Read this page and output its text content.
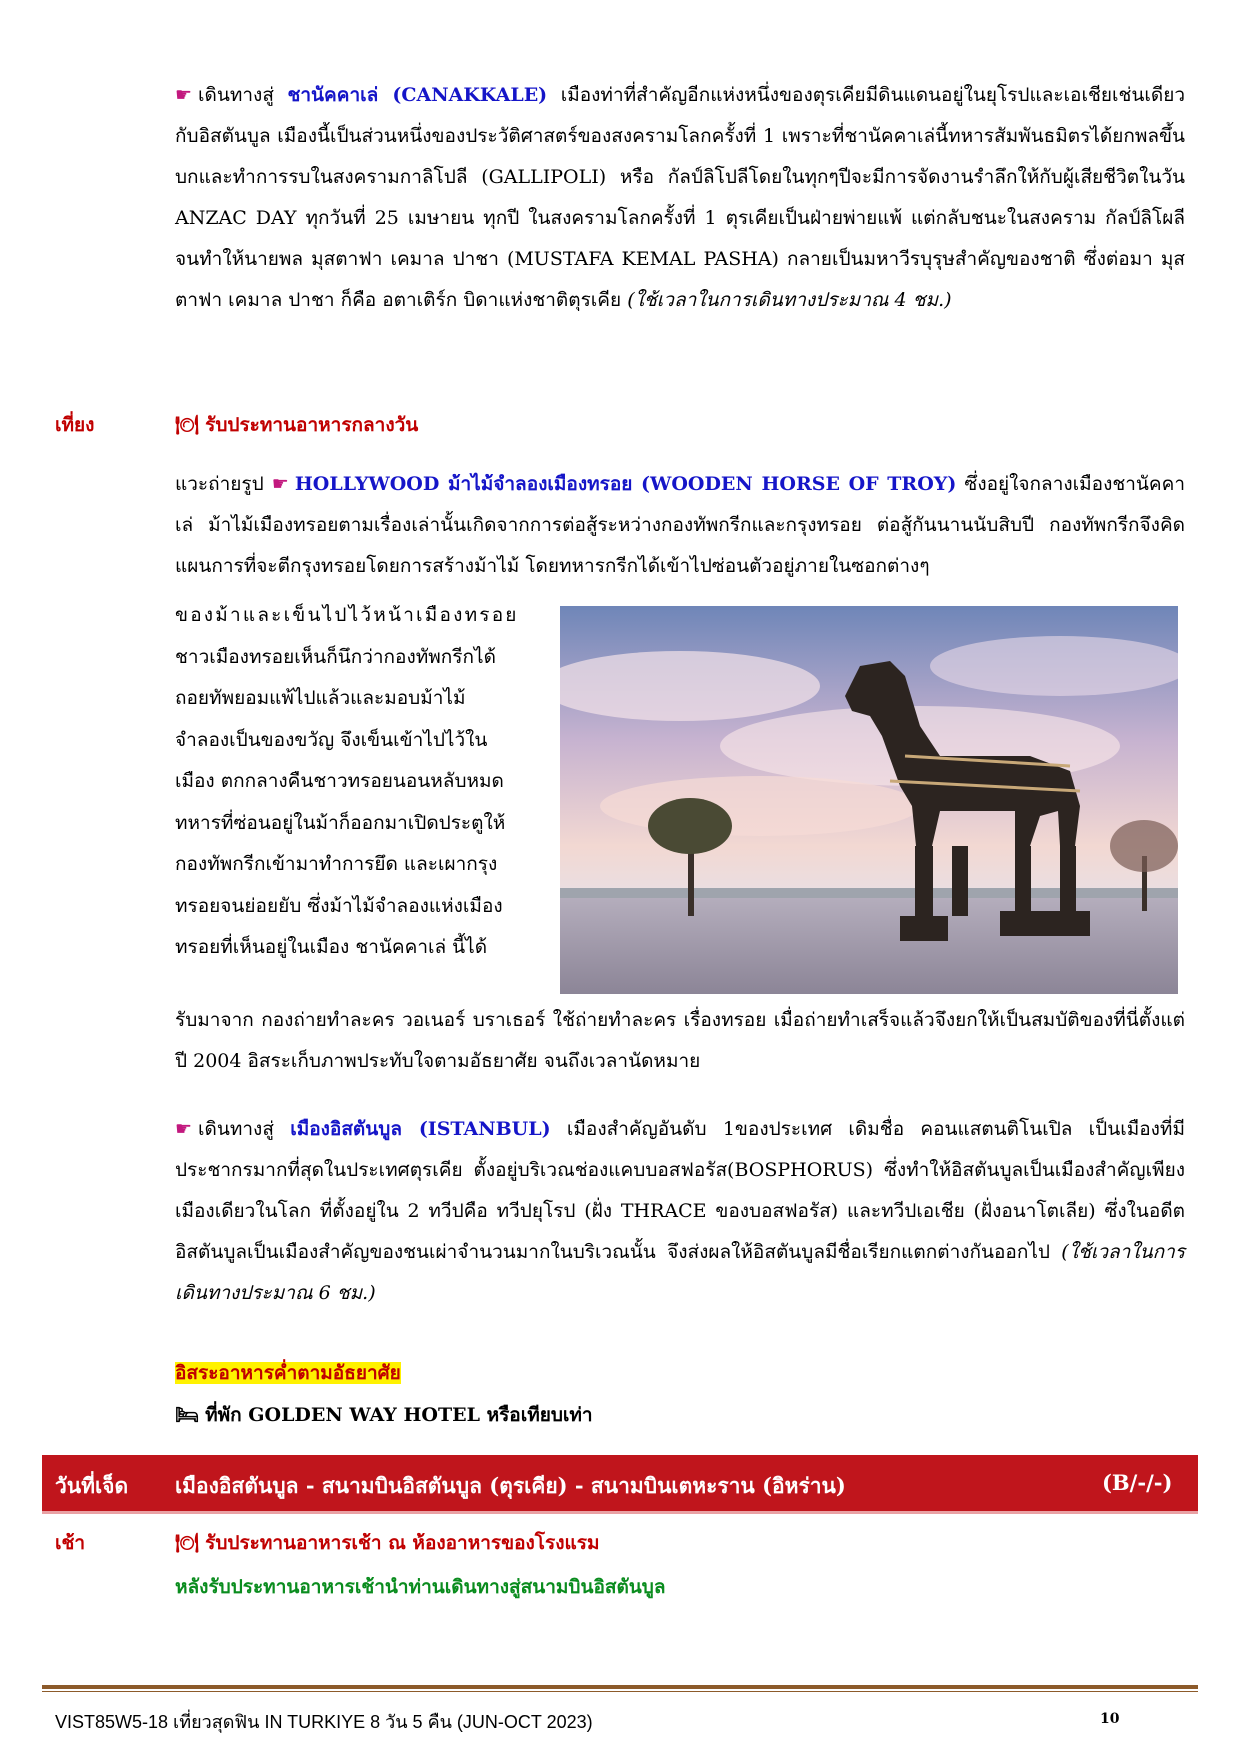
☛ เดินทางสู่ ชานัคคาเล่ (CANAKKALE) เมืองท่าที่สำคัญอีกแห่งหนึ่งของตุรเคียมีดินแดนอยู่ในยุโรปและเอเชียเช่นเดียวกับอิสตันบูล เมืองนี้เป็นส่วนหนึ่งของประวัติศาสตร์ของสงครามโลกครั้งที่ 1 เพราะที่ชานัคคาเล่นี้ทหารสัมพันธมิตรได้ยกพลขึ้นบกและทำการรบในสงครามกาลิโปลี (GALLIPOLI) หรือ กัลป์ลิโปลีโดยในทุกๆปีจะมีการจัดงานรำลึกให้กับผู้เสียชีวิตในวัน ANZAC DAY ทุกวันที่ 25 เมษายน ทุกปี ในสงครามโลกครั้งที่ 1 ตุรเคียเป็นฝ่ายพ่ายแพ้ แต่กลับชนะในสงคราม กัลป์ลิโผลี จนทำให้นายพล มุสตาฟา เคมาล ปาชา (MUSTAFA KEMAL PASHA) กลายเป็นมหาวีรบุรุษสำคัญของชาติ ซึ่งต่อมา มุสตาฟา เคมาล ปาชา ก็คือ อตาเติร์ก บิดาแห่งชาติตุรเคีย (ใช้เวลาในการเดินทางประมาณ 4 ชม.)

เที่ยง	🍽 รับประทานอาหารกลางวัน

แวะถ่ายรูป ☛ HOLLYWOOD ม้าไม้จำลองเมืองทรอย (WOODEN HORSE OF TROY) ซึ่งอยู่ใจกลางเมืองชานัคคาเล่ ม้าไม้เมืองทรอยตามเรื่องเล่านั้นเกิดจากการต่อสู้ระหว่างกองทัพกรีกและกรุงทรอย ต่อสู้กันนานนับสิบปี กองทัพกรีกจึงคิดแผนการที่จะตีกรุงทรอยโดยการสร้างม้าไม้ โดยทหารกรีกได้เข้าไปซ่อนตัวอยู่ภายในซอกต่างๆ

ของม้าและเข็นไปไว้หน้าเมืองทรอย
ชาวเมืองทรอยเห็นก็นึกว่ากองทัพกรีกได้
ถอยทัพยอมแพ้ไปแล้วและมอบม้าไม้
จำลองเป็นของขวัญ จึงเข็นเข้าไปไว้ใน
เมือง ตกกลางคืนชาวทรอยนอนหลับหมด
ทหารที่ซ่อนอยู่ในม้าก็ออกมาเปิดประตูให้
กองทัพกรีกเข้ามาทำการยึด และเผากรุง
ทรอยจนย่อยยับ ซึ่งม้าไม้จำลองแห่งเมือง
ทรอยที่เห็นอยู่ในเมือง ชานัคคาเล่ นี้ได้

รับมาจาก กองถ่ายทำละคร วอเนอร์ บราเธอร์ ใช้ถ่ายทำละคร เรื่องทรอย เมื่อถ่ายทำเสร็จแล้วจึงยกให้เป็นสมบัติของที่นี่ตั้งแต่ปี 2004 อิสระเก็บภาพประทับใจตามอัธยาศัย จนถึงเวลานัดหมาย

☛ เดินทางสู่ เมืองอิสตันบูล (ISTANBUL) เมืองสำคัญอันดับ 1ของประเทศ เดิมชื่อ คอนแสตนติโนเปิล เป็นเมืองที่มีประชากรมากที่สุดในประเทศตุรเคีย ตั้งอยู่บริเวณช่องแคบบอสฟอรัส(BOSPHORUS) ซึ่งทำให้อิสตันบูลเป็นเมืองสำคัญเพียงเมืองเดียวในโลก ที่ตั้งอยู่ใน 2 ทวีปคือ ทวีปยุโรป (ฝั่ง THRACE ของบอสฟอรัส) และทวีปเอเชีย (ฝั่งอนาโตเลีย) ซึ่งในอดีตอิสตันบูลเป็นเมืองสำคัญของชนเผ่าจำนวนมากในบริเวณนั้น จึงส่งผลให้อิสตันบูลมีชื่อเรียกแตกต่างกันออกไป (ใช้เวลาในการเดินทางประมาณ 6 ชม.)

อิสระอาหารค่ำตามอัธยาศัย
🛏 ที่พัก GOLDEN WAY HOTEL หรือเทียบเท่า
วันที่เจ็ด เมืองอิสตันบูล - สนามบินอิสตันบูล (ตุรเคีย) - สนามบินเตหะราน (อิหร่าน)	(B/-/-)
เช้า	🍽 รับประทานอาหารเช้า ณ ห้องอาหารของโรงแรม
หลังรับประทานอาหารเช้านำท่านเดินทางสู่สนามบินอิสตันบูล
VIST85W5-18 เที่ยวสุดฟิน IN TURKIYE 8 วัน 5 คืน (JUN-OCT 2023)	10
